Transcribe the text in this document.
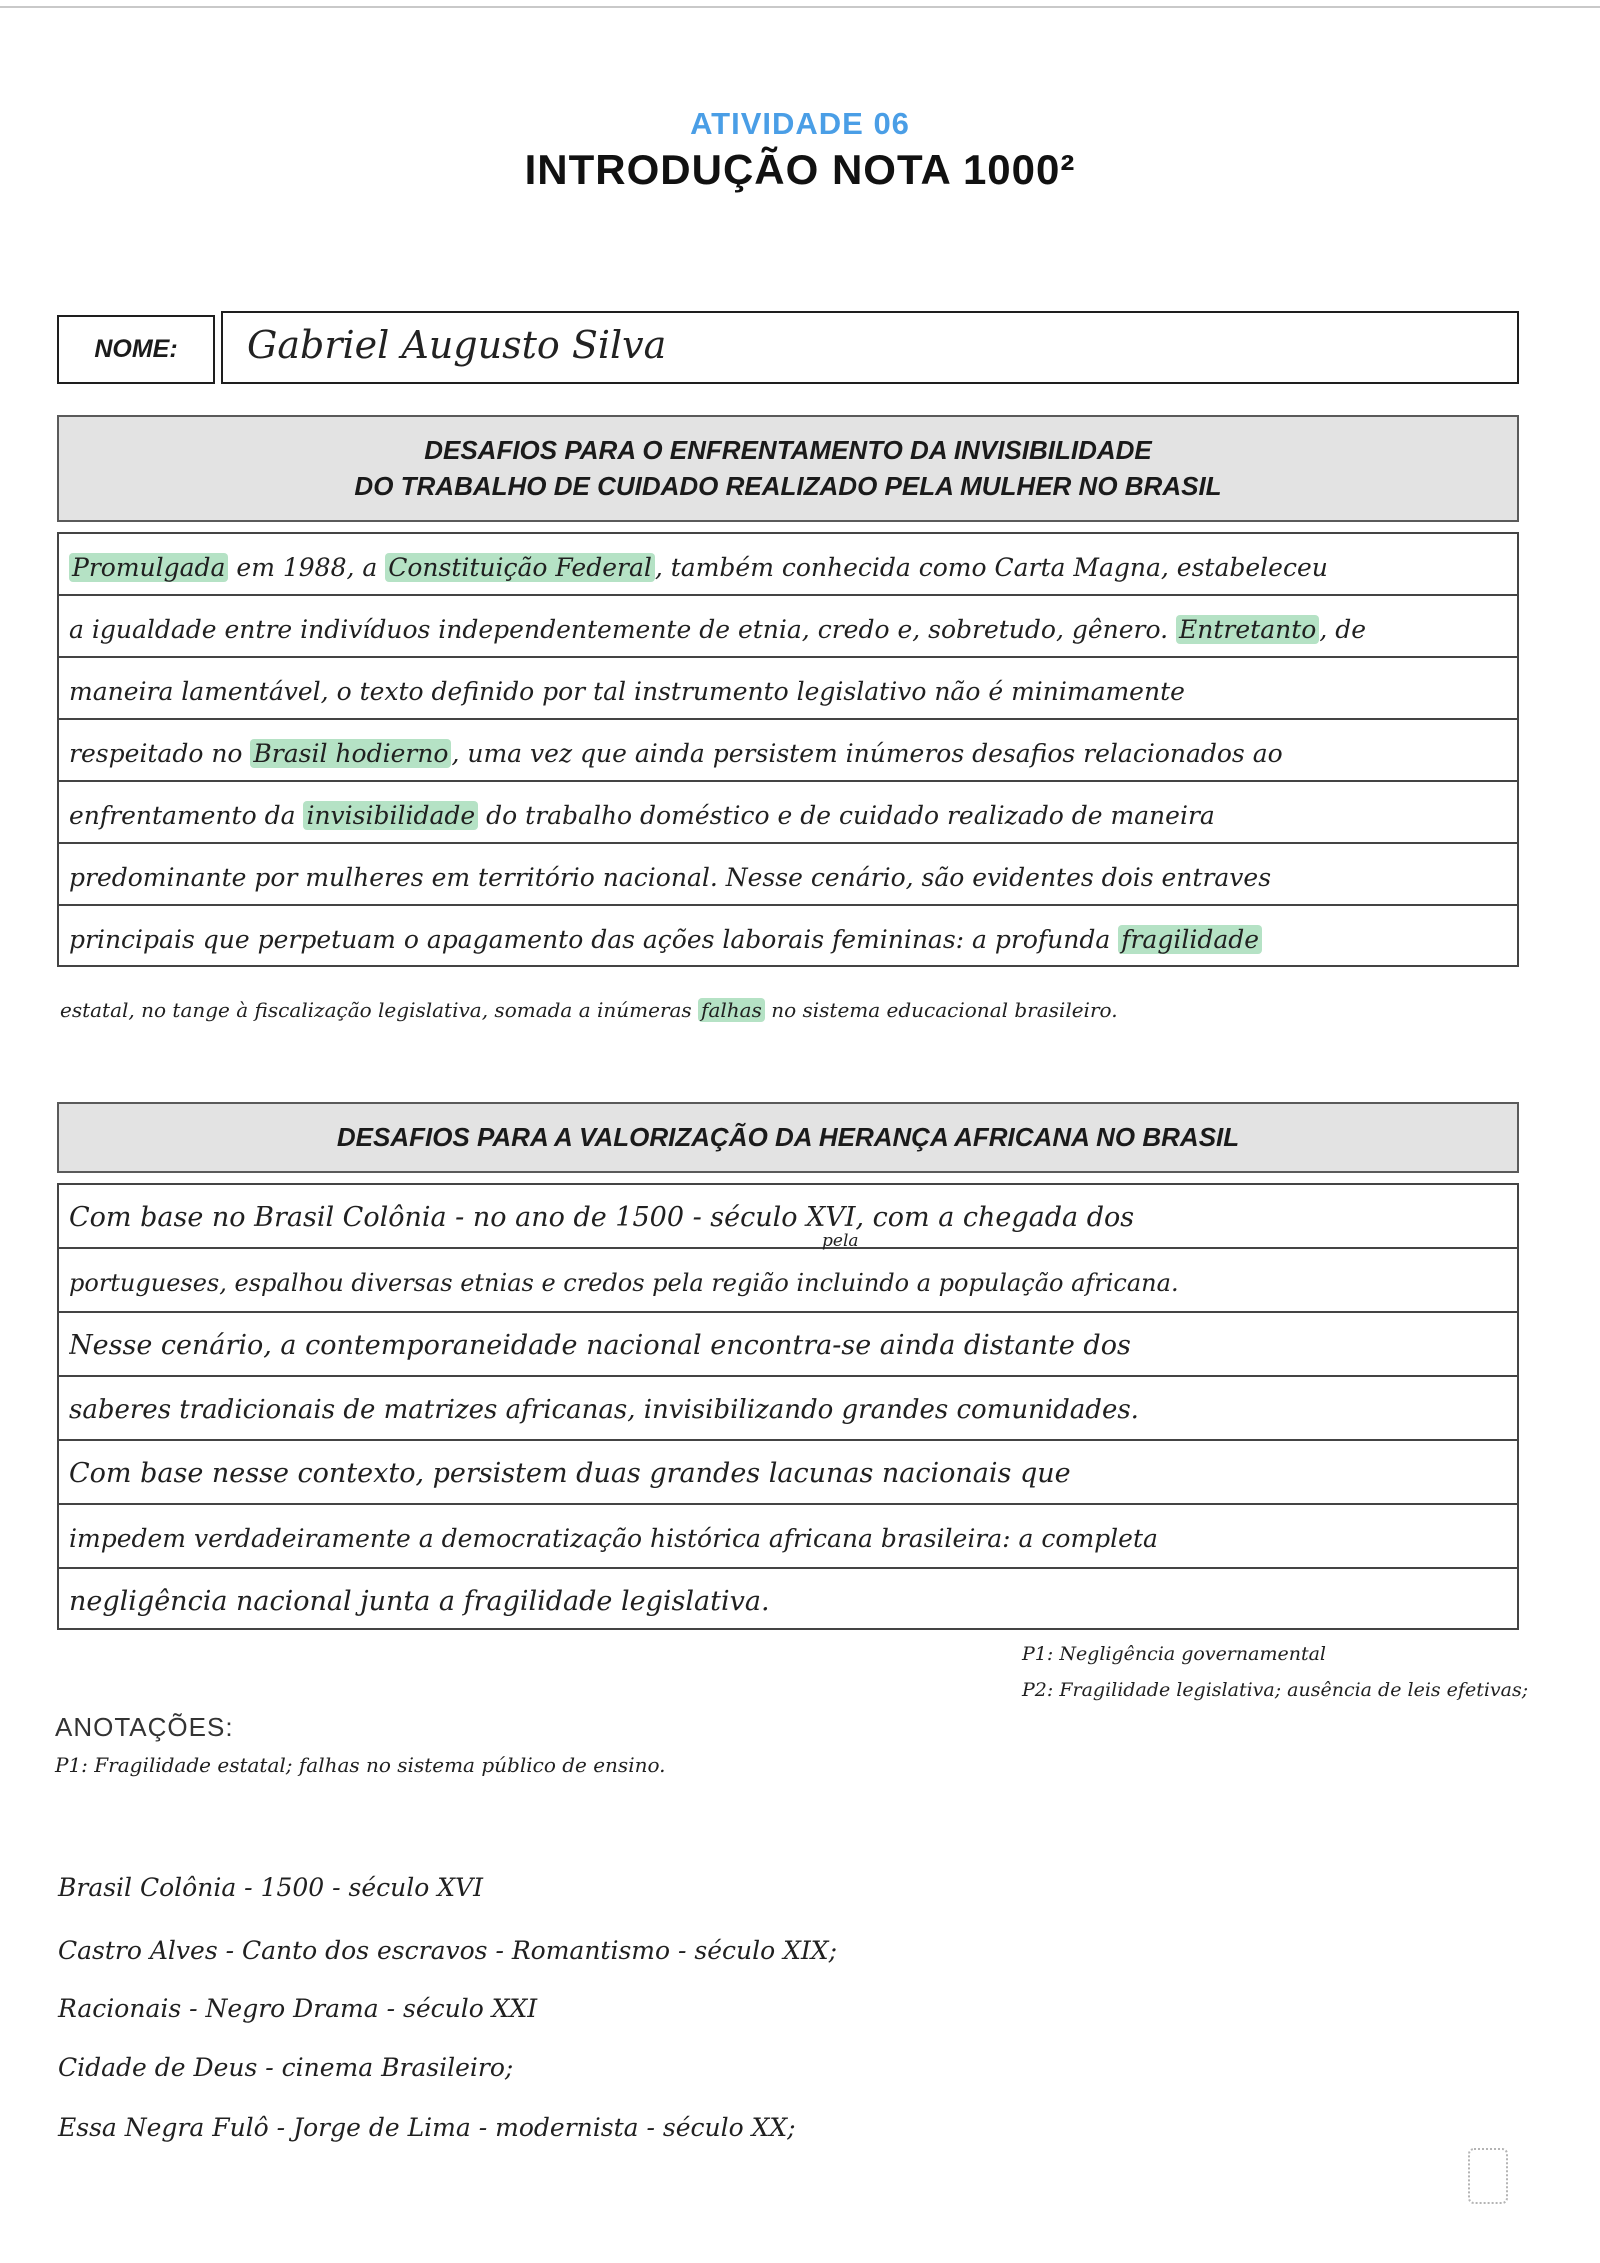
ATIVIDADE 06
INTRODUÇÃO NOTA 1000²
NOME:	Gabriel Augusto Silva
DESAFIOS PARA O ENFRENTAMENTO DA INVISIBILIDADE
DO TRABALHO DE CUIDADO REALIZADO PELA MULHER NO BRASIL
Promulgada em 1988, a Constituição Federal , também conhecida como Carta Magna, estabeleceu
a igualdade entre indivíduos independentemente de etnia, credo e, sobretudo, gênero. Entretanto , de
maneira lamentável, o texto definido por tal instrumento legislativo não é minimamente
respeitado no Brasil hodierno , uma vez que ainda persistem inúmeros desafios relacionados ao
enfrentamento da invisibilidade do trabalho doméstico e de cuidado realizado de maneira
predominante por mulheres em território nacional. Nesse cenário, são evidentes dois entraves
principais que perpetuam o apagamento das ações laborais femininas: a profunda fragilidade
estatal, no tange à fiscalização legislativa, somada a inúmeras falhas no sistema educacional brasileiro.
DESAFIOS PARA A VALORIZAÇÃO DA HERANÇA AFRICANA NO BRASIL
Com base no Brasil Colônia - no ano de 1500 - século XVI, com a chegada dos
pela
portugueses, espalhou diversas etnias e credos pela região incluindo a população africana.
Nesse cenário, a contemporaneidade nacional encontra-se ainda distante dos
saberes tradicionais de matrizes africanas, invisibilizando grandes comunidades.
Com base nesse contexto, persistem duas grandes lacunas nacionais que
impedem verdadeiramente a democratização histórica africana brasileira: a completa
negligência nacional junta a fragilidade legislativa.
P1: Negligência governamental
P2: Fragilidade legislativa; ausência de leis efetivas;
ANOTAÇÕES:
P1: Fragilidade estatal; falhas no sistema público de ensino.
Brasil Colônia - 1500 - século XVI
Castro Alves - Canto dos escravos - Romantismo - século XIX;
Racionais - Negro Drama - século XXI
Cidade de Deus - cinema Brasileiro;
Essa Negra Fulô - Jorge de Lima - modernista - século XX;
